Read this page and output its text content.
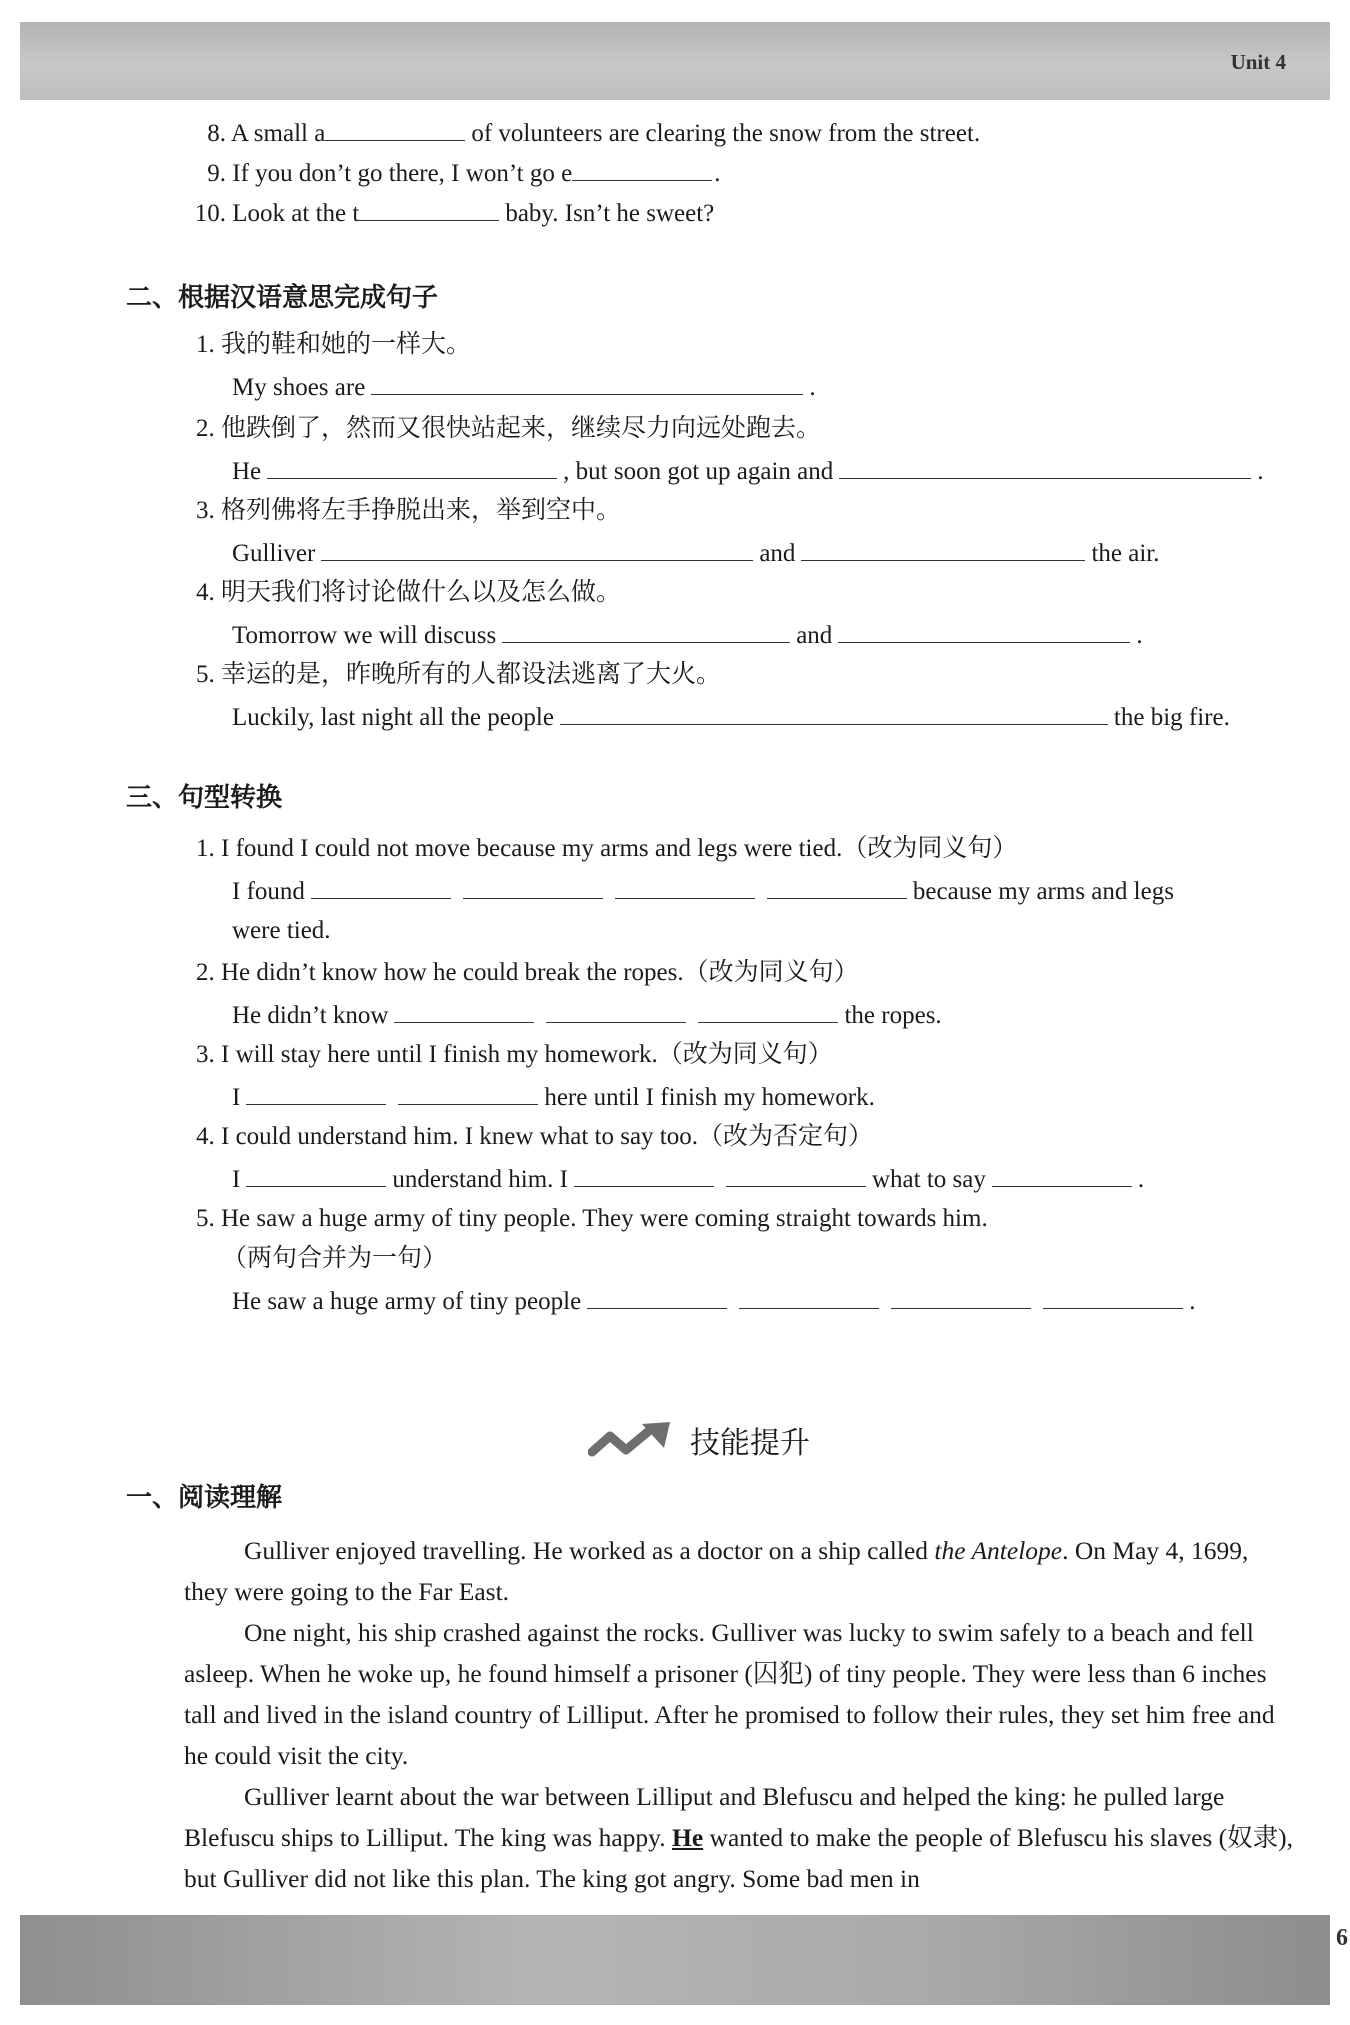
Unit 4
8. A small a	of volunteers are clearing the snow from the street.
9. If you don’t go there, I won’t go e	.
10. Look at the t	baby. Isn’t he sweet?
二、根据汉语意思完成句子
1. 我的鞋和她的一样大。
My shoes are	.
2. 他跌倒了，然而又很快站起来，继续尽力向远处跑去。
He	, but soon got up again and	.
3. 格列佛将左手挣脱出来，举到空中。
Gulliver	and	the air.
4. 明天我们将讨论做什么以及怎么做。
Tomorrow we will discuss	and	.
5. 幸运的是，昨晚所有的人都设法逃离了大火。
Luckily, last night all the people	the big fire.
三、句型转换
1. I found I could not move because my arms and legs were tied.（改为同义句）
I found	because my arms and legs
were tied.
2. He didn’t know how he could break the ropes.（改为同义句）
He didn’t know	the ropes.
3. I will stay here until I finish my homework.（改为同义句）
I	here until I finish my homework.
4. I could understand him. I knew what to say too.（改为否定句）
I	understand him. I	what to say	.
5. He saw a huge army of tiny people. They were coming straight towards him.
（两句合并为一句）
He saw a huge army of tiny people	.
技能提升
一、阅读理解

Gulliver enjoyed travelling. He worked as a doctor on a ship called the Antelope. On May 4, 1699, they were going to the Far East.

One night, his ship crashed against the rocks. Gulliver was lucky to swim safely to a beach and fell asleep. When he woke up, he found himself a prisoner (囚犯) of tiny people. They were less than 6 inches tall and lived in the island country of Lilliput. After he promised to follow their rules, they set him free and he could visit the city.

Gulliver learnt about the war between Lilliput and Blefuscu and helped the king: he pulled large Blefuscu ships to Lilliput. The king was happy. He wanted to make the people of Blefuscu his slaves (奴隶), but Gulliver did not like this plan. The king got angry. Some bad men in

6
